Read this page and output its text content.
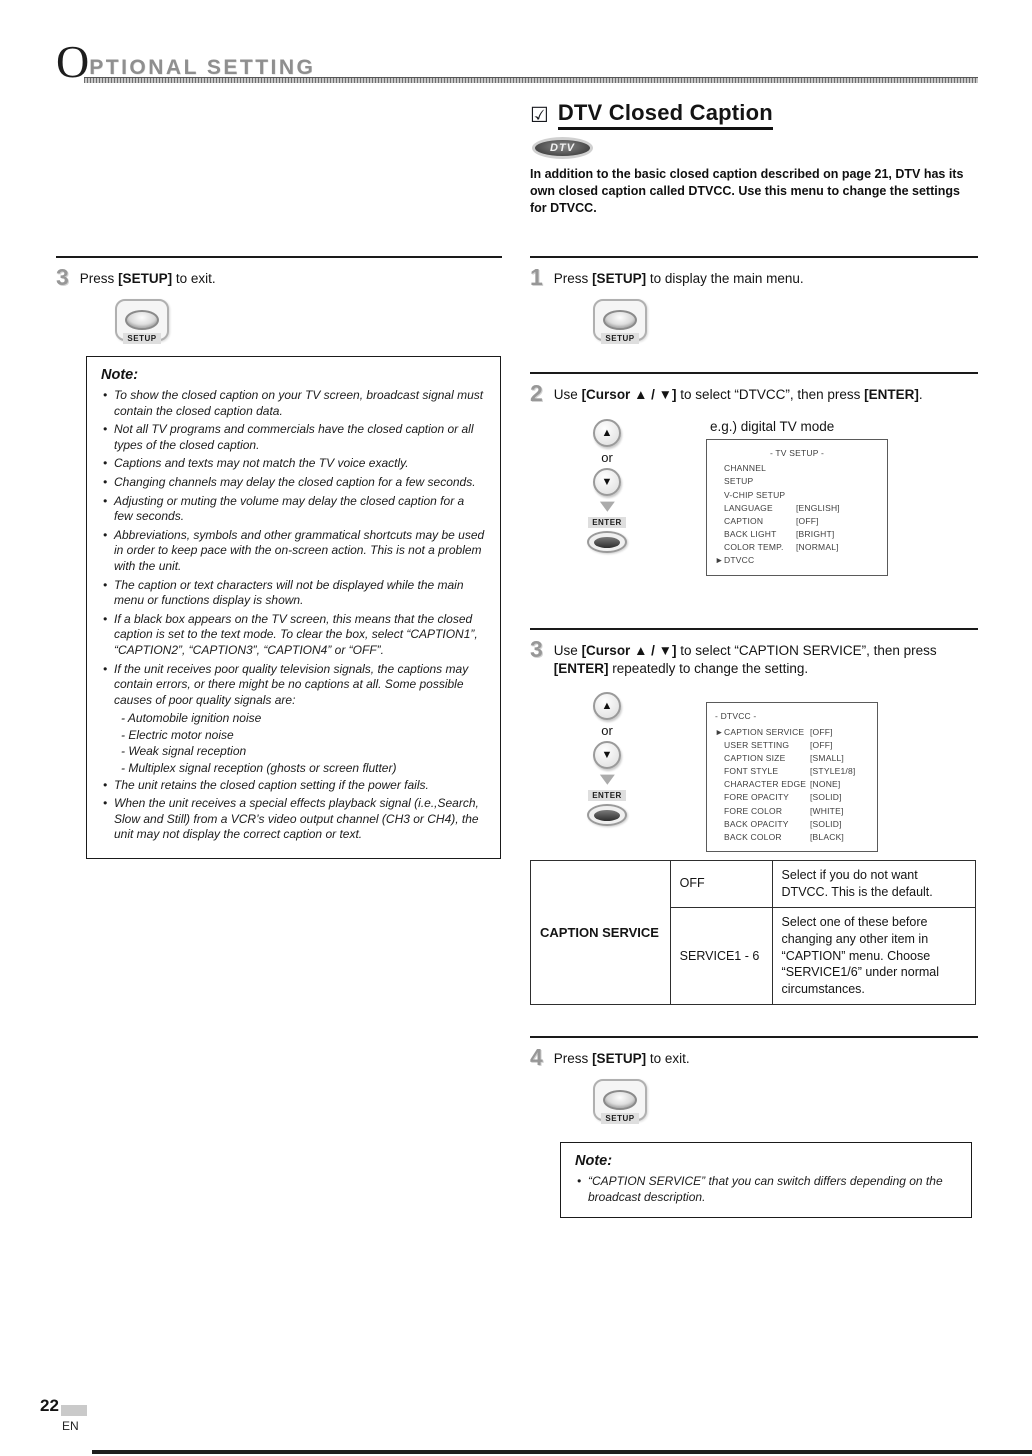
O PTIONAL SETTING
3 Press [SETUP] to exit.

SETUP
Note:
• To show the closed caption on your TV screen, broadcast signal must contain the closed caption data.
• Not all TV programs and commercials have the closed caption or all types of the closed caption.
• Captions and texts may not match the TV voice exactly.
• Changing channels may delay the closed caption for a few seconds.
• Adjusting or muting the volume may delay the closed caption for a few seconds.
• Abbreviations, symbols and other grammatical shortcuts may be used in order to keep pace with the on-screen action. This is not a problem with the unit.
• The caption or text characters will not be displayed while the main menu or functions display is shown.
• If a black box appears on the TV screen, this means that the closed caption is set to the text mode. To clear the box, select “CAPTION1”, “CAPTION2”, “CAPTION3”, “CAPTION4” or “OFF”.
• If the unit receives poor quality television signals, the captions may contain errors, or there might be no captions at all. Some possible causes of poor quality signals are:
- Automobile ignition noise
- Electric motor noise
- Weak signal reception
- Multiplex signal reception (ghosts or screen flutter)
• The unit retains the closed caption setting if the power fails.
• When the unit receives a special effects playback signal (i.e.,Search, Slow and Still) from a VCR’s video output channel (CH3 or CH4), the unit may not display the correct caption or text.
☑ DTV Closed Caption
DTV

In addition to the basic closed caption described on page 21, DTV has its own closed caption called DTVCC. Use this menu to change the settings for DTVCC.

1 Press [SETUP] to display the main menu.

SETUP
2 Use [Cursor ▲ / ▼] to select “DTVCC”, then press [ENTER].

▲
or
▼
▼
ENTER
e.g.) digital TV mode
- TV SETUP -
CHANNEL SETUP
V-CHIP SETUP
LANGUAGE	[ENGLISH]
CAPTION	[OFF]
BACK LIGHT	[BRIGHT]
COLOR TEMP.	[NORMAL]
► DTVCC
3 Use [Cursor ▲ / ▼] to select “CAPTION SERVICE”, then press [ENTER] repeatedly to change the setting.

▲
or
▼
▼
ENTER
- DTVCC -
► CAPTION SERVICE [OFF]
USER SETTING	[OFF]
CAPTION SIZE	[SMALL]
FONT STYLE	[STYLE1/8]
CHARACTER EDGE [NONE]
FORE OPACITY	[SOLID]
FORE COLOR	[WHITE]
BACK OPACITY	[SOLID]
BACK COLOR	[BLACK]
CAPTION SERVICE	OFF	Select if you do not want DTVCC. This is the default.
	SERVICE1 - 6	Select one of these before changing any other item in “CAPTION” menu. Choose “SERVICE1/6” under normal circumstances.
4 Press [SETUP] to exit.

SETUP
Note:
• “CAPTION SERVICE” that you can switch differs depending on the broadcast description.
22
EN
